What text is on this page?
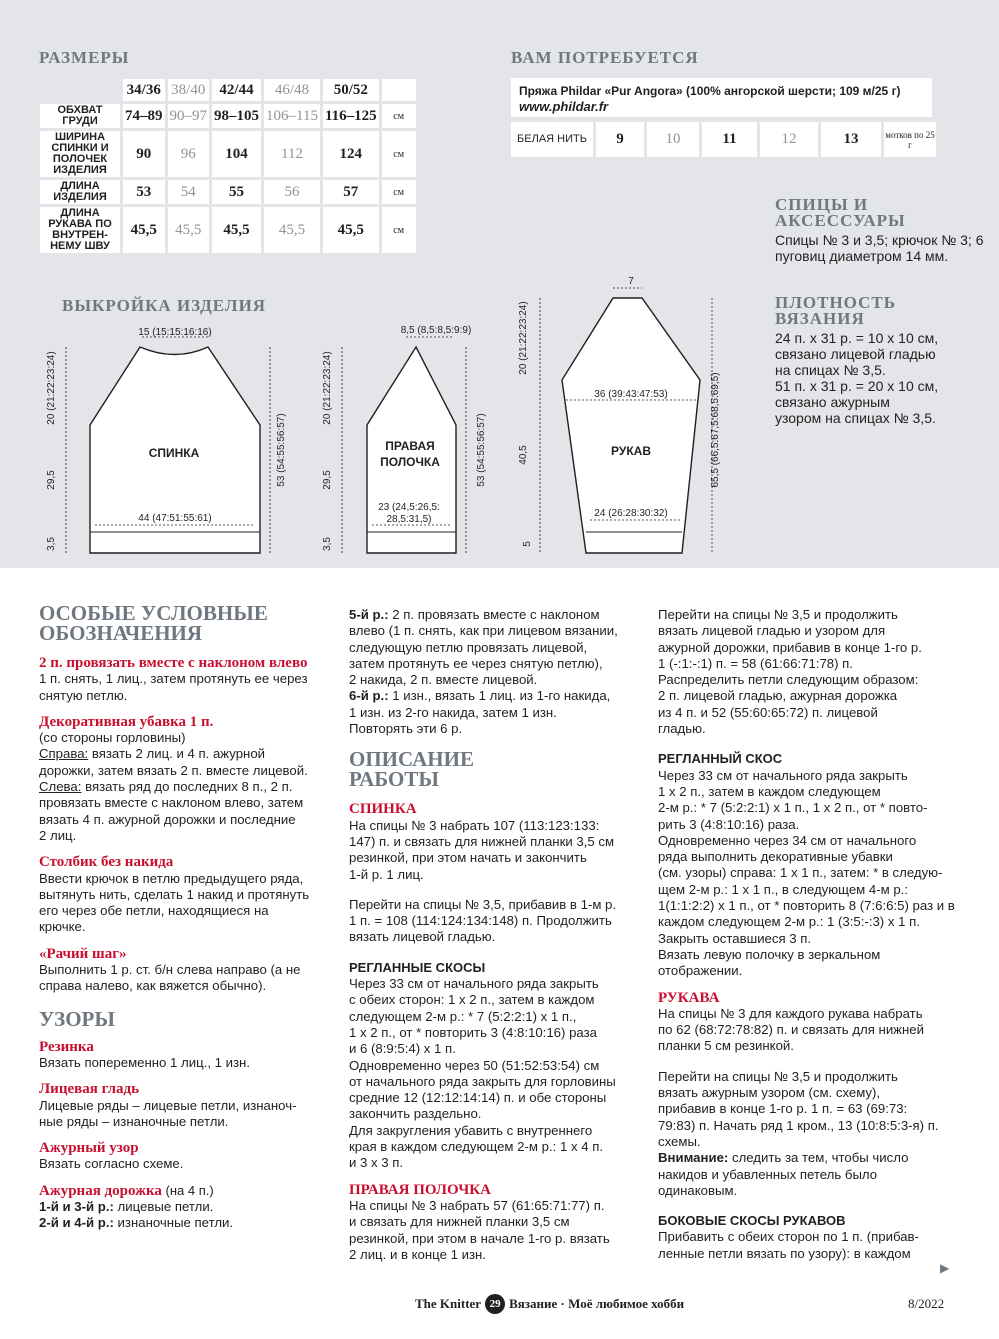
РАЗМЕРЫ	ВАМ ПОТРЕБУЕТСЯ
	34/36	38/40	42/44	46/48	50/52	
ОБХВАТ ГРУДИ	74–89	90–97	98–105	106–115	116–125	см
ШИРИНА СПИНКИ И ПОЛОЧЕК ИЗДЕЛИЯ	90	96	104	112	124	см
ДЛИНА ИЗДЕЛИЯ	53	54	55	56	57	см
ДЛИНА РУКАВА ПО ВНУТРЕН-НЕМУ ШВУ	45,5	45,5	45,5	45,5	45,5	см
Пряжа Phildar «Pur Angora» (100% ангорской шерсти; 109 м/25 г)
www.phildar.fr
БЕЛАЯ НИТЬ	9	10	11	12	13	мотков по 25 г
СПИЦЫ И АКСЕССУАРЫ
Спицы № 3 и 3,5; крючок № 3; 6 пуговиц диаметром 14 мм.
ПЛОТНОСТЬ ВЯЗАНИЯ
24 п. х 31 р. = 10 х 10 см,
связано лицевой гладью
на спицах № 3,5.
51 п. х 31 р. = 20 х 10 см,
связано ажурным
узором на спицах № 3,5.
ВЫКРОЙКА ИЗДЕЛИЯ
15 (15:15:16:16)
44 (47:51:55:61)
20 (21:22:23:24)
29,5
3,5
53 (54:55:56:57)
8,5 (8,5:8,5:9:9)
23 (24,5:26,5:
28,5:31,5)
20 (21:22:23:24)
29,5
3,5
53 (54:55:56:57)
7
36 (39:43:47:53)
24 (26:28:30:32)
20 (21:22:23:24)
40,5
5
65,5 (66,5:67,5:68,5:69,5)
СПИНКА	ПРАВАЯ
ПОЛОЧКА
РУКАВ
ОСОБЫЕ УСЛОВНЫЕ
ОБОЗНАЧЕНИЯ

2 п. провязать вместе с наклоном влево

1 п. снять, 1 лиц., затем протянуть ее через

снятую петлю.

Декоративная убавка 1 п.

(со стороны горловины)

Справа: вязать 2 лиц. и 4 п. ажурной

дорожки, затем вязать 2 п. вместе лицевой.

Слева: вязать ряд до последних 8 п., 2 п.

провязать вместе с наклоном влево, затем

вязать 4 п. ажурной дорожки и последние

2 лиц.

Столбик без накида

Ввести крючок в петлю предыдущего ряда,

вытянуть нить, сделать 1 накид и протянуть

его через обе петли, находящиеся на

крючке.

«Рачий шаг»

Выполнить 1 р. ст. б/н слева направо (а не

справа налево, как вяжется обычно).

УЗОРЫ

Резинка

Вязать попеременно 1 лиц., 1 изн.

Лицевая гладь

Лицевые ряды – лицевые петли, изнаноч-

ные ряды – изнаночные петли.

Ажурный узор

Вязать согласно схеме.

Ажурная дорожка (на 4 п.)

1-й и 3-й р.: лицевые петли.

2-й и 4-й р.: изнаночные петли.

5-й р.: 2 п. провязать вместе с наклоном

влево (1 п. снять, как при лицевом вязании,

следующую петлю провязать лицевой,

затем протянуть ее через снятую петлю),

2 накида, 2 п. вместе лицевой.

6-й р.: 1 изн., вязать 1 лиц. из 1-го накида,

1 изн. из 2-го накида, затем 1 изн.

Повторять эти 6 р.

ОПИСАНИЕ
РАБОТЫ

СПИНКА

На спицы № 3 набрать 107 (113:123:133:

147) п. и связать для нижней планки 3,5 см

резинкой, при этом начать и закончить

1-й р. 1 лиц.

Перейти на спицы № 3,5, прибавив в 1-м р.

1 п. = 108 (114:124:134:148) п. Продолжить

вязать лицевой гладью.

РЕГЛАННЫЕ СКОСЫ

Через 33 см от начального ряда закрыть

с обеих сторон: 1 х 2 п., затем в каждом

следующем 2-м р.: * 7 (5:2:2:1) х 1 п.,

1 х 2 п., от * повторить 3 (4:8:10:16) раза

и 6 (8:9:5:4) х 1 п.

Одновременно через 50 (51:52:53:54) см

от начального ряда закрыть для горловины

средние 12 (12:12:14:14) п. и обе стороны

закончить раздельно.

Для закругления убавить с внутреннего

края в каждом следующем 2-м р.: 1 х 4 п.

и 3 х 3 п.

ПРАВАЯ ПОЛОЧКА

На спицы № 3 набрать 57 (61:65:71:77) п.

и связать для нижней планки 3,5 см

резинкой, при этом в начале 1-го р. вязать

2 лиц. и в конце 1 изн.

Перейти на спицы № 3,5 и продолжить

вязать лицевой гладью и узором для

ажурной дорожки, прибавив в конце 1-го р.

1 (-:1:-:1) п. = 58 (61:66:71:78) п.

Распределить петли следующим образом:

2 п. лицевой гладью, ажурная дорожка

из 4 п. и 52 (55:60:65:72) п. лицевой

гладью.

РЕГЛАННЫЙ СКОС

Через 33 см от начального ряда закрыть

1 х 2 п., затем в каждом следующем

2-м р.: * 7 (5:2:2:1) х 1 п., 1 х 2 п., от * повто-

рить 3 (4:8:10:16) раза.

Одновременно через 34 см от начального

ряда выполнить декоративные убавки

(см. узоры) справа: 1 х 1 п., затем: * в следую-

щем 2-м р.: 1 х 1 п., в следующем 4-м р.:

1(1:1:2:2) х 1 п., от * повторить 8 (7:6:6:5) раз и в

каждом следующем 2-м р.: 1 (3:5:-:3) х 1 п.

Закрыть оставшиеся 3 п.

Вязать левую полочку в зеркальном

отображении.

РУКАВА

На спицы № 3 для каждого рукава набрать

по 62 (68:72:78:82) п. и связать для нижней

планки 5 см резинкой.

Перейти на спицы № 3,5 и продолжить

вязать ажурным узором (см. схему),

прибавив в конце 1-го р. 1 п. = 63 (69:73:

79:83) п. Начать ряд 1 кром., 13 (10:8:5:3-я) п.

схемы.

Внимание: следить за тем, чтобы число

накидов и убавленных петель было

одинаковым.

БОКОВЫЕ СКОСЫ РУКАВОВ

Прибавить с обеих сторон по 1 п. (прибав-

ленные петли вязать по узору): в каждом

▶
The Knitter 29 Вязание · Моё любимое хобби	8/2022
